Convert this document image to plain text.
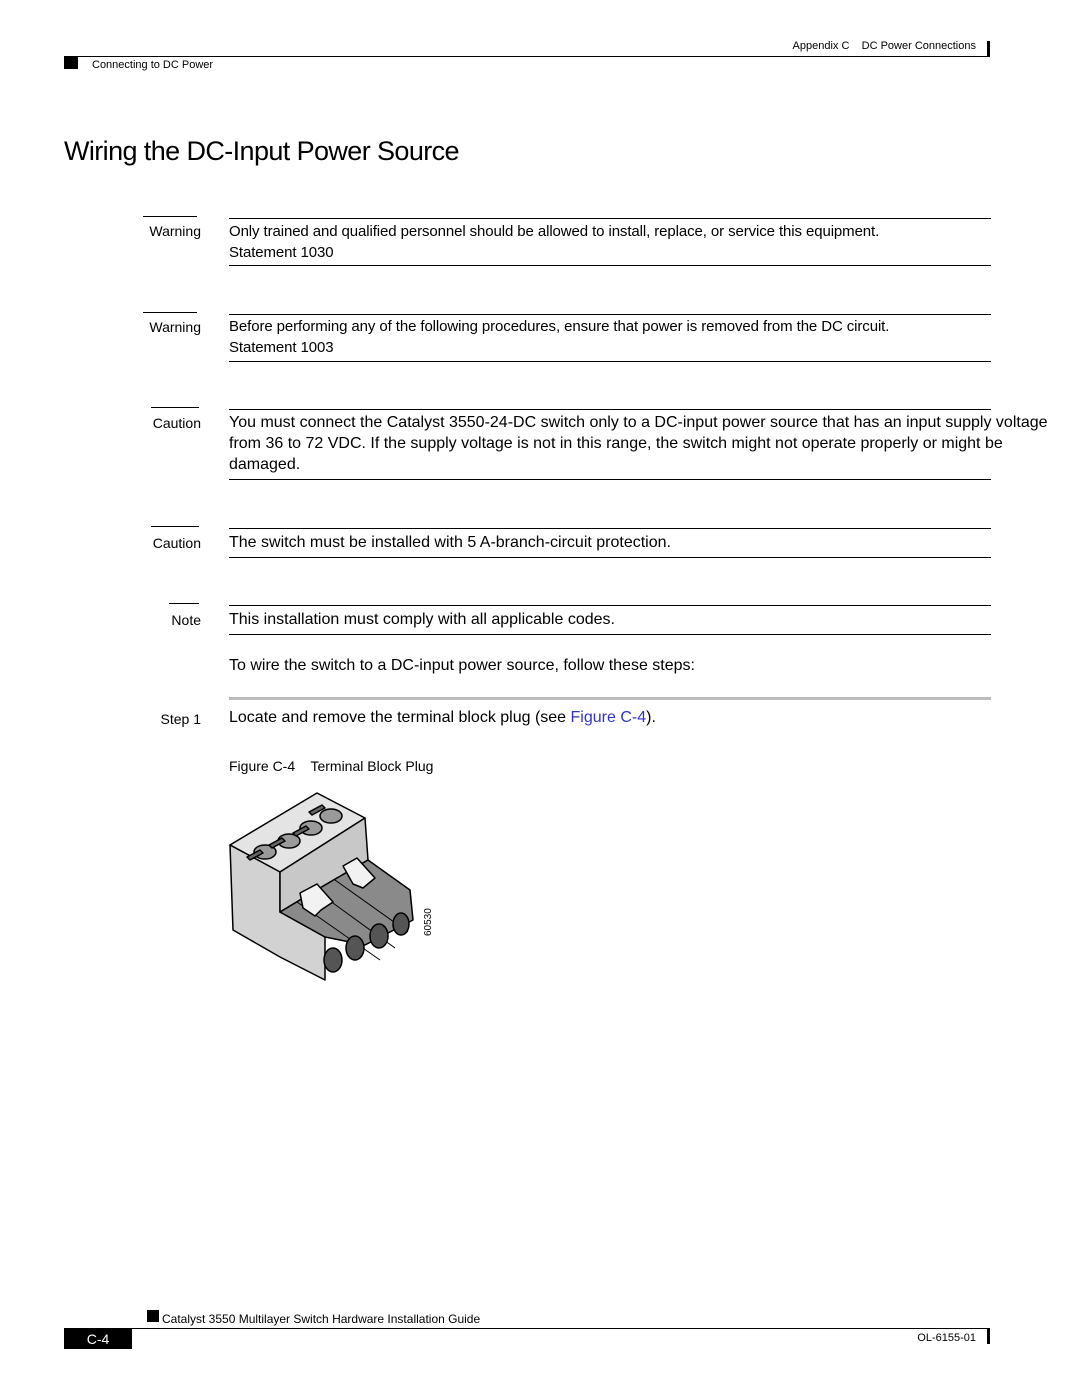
Appendix C DC Power Connections
Connecting to DC Power
Wiring the DC-Input Power Source
Warning Only trained and qualified personnel should be allowed to install, replace, or service this equipment.
Statement 1030
Warning Before performing any of the following procedures, ensure that power is removed from the DC circuit.
Statement 1003
Caution You must connect the Catalyst 3550-24-DC switch only to a DC-input power source that has an input supply voltage from 36 to 72 VDC. If the supply voltage is not in this range, the switch might not operate properly or might be damaged.
Caution The switch must be installed with 5 A-branch-circuit protection.
Note This installation must comply with all applicable codes.
To wire the switch to a DC-input power source, follow these steps:
Step 1 Locate and remove the terminal block plug (see Figure C-4).
Figure C-4 Terminal Block Plug
60530
Catalyst 3550 Multilayer Switch Hardware Installation Guide
C-4	OL-6155-01
